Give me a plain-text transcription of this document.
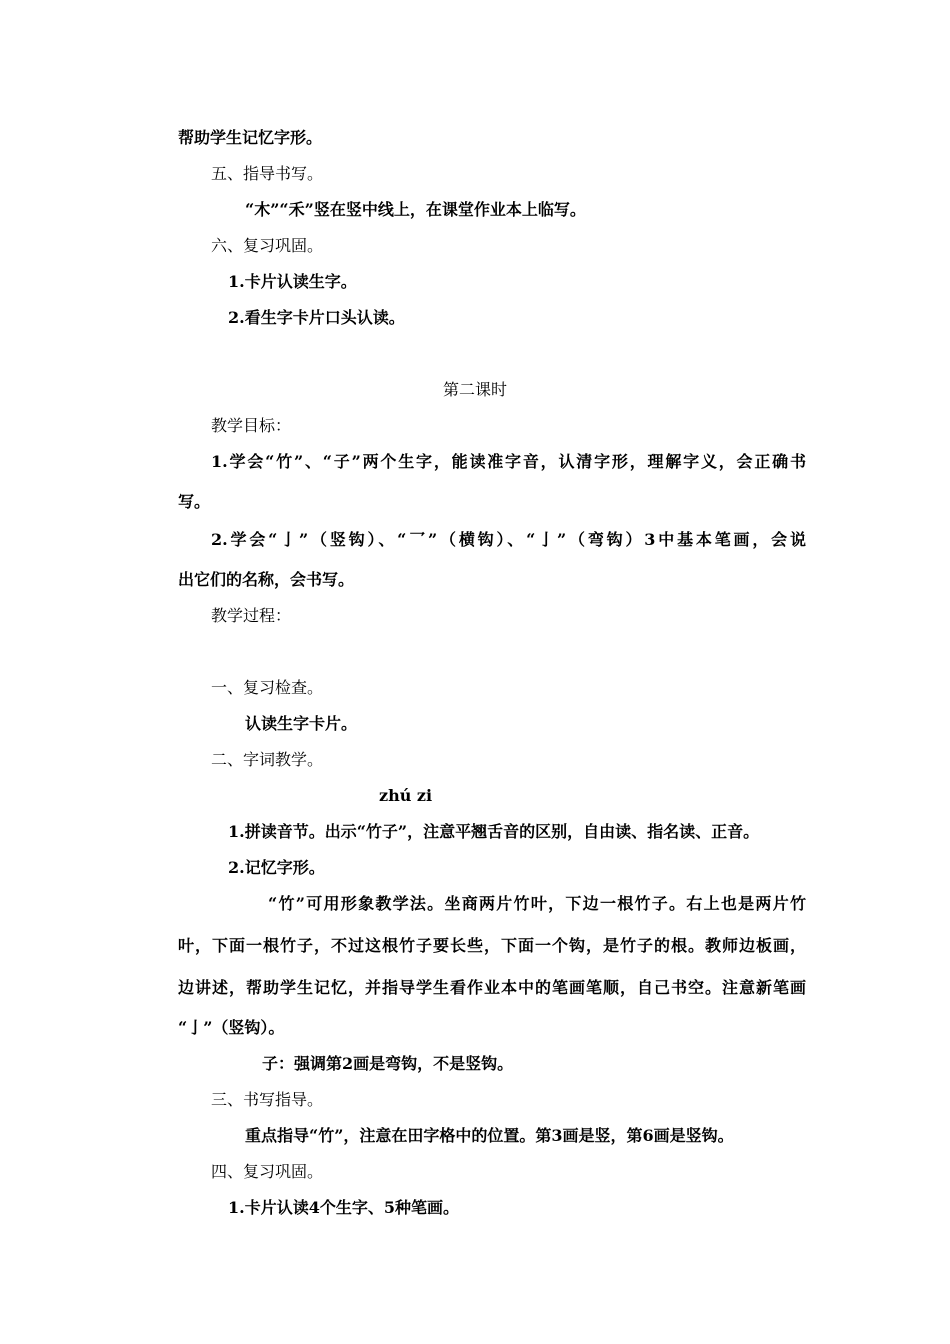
帮助学生记忆字形。
五、指导书写。
“木”“禾”竖在竖中线上，在课堂作业本上临写。
六、复习巩固。
1.卡片认读生字。
2.看生字卡片口头认读。
第二课时
教学目标：
1.学会“竹”、“子”两个生字，能读准字音，认清字形，理解字义，会正确书
写。
2.学会“亅”（竖钩）、“乛”（横钩）、“亅”（弯钩）3中基本笔画，会说
出它们的名称，会书写。
教学过程：
一、复习检查。
认读生字卡片。
二、字词教学。
zhú zi
1.拼读音节。出示“竹子”，注意平翘舌音的区别，自由读、指名读、正音。
2.记忆字形。
“竹”可用形象教学法。坐商两片竹叶，下边一根竹子。右上也是两片竹
叶，下面一根竹子，不过这根竹子要长些，下面一个钩，是竹子的根。教师边板画，
边讲述，帮助学生记忆，并指导学生看作业本中的笔画笔顺，自己书空。注意新笔画
“亅”（竖钩）。
子：强调第2画是弯钩，不是竖钩。
三、书写指导。
重点指导“竹”，注意在田字格中的位置。第3画是竖，第6画是竖钩。
四、复习巩固。
1.卡片认读4个生字、5种笔画。
